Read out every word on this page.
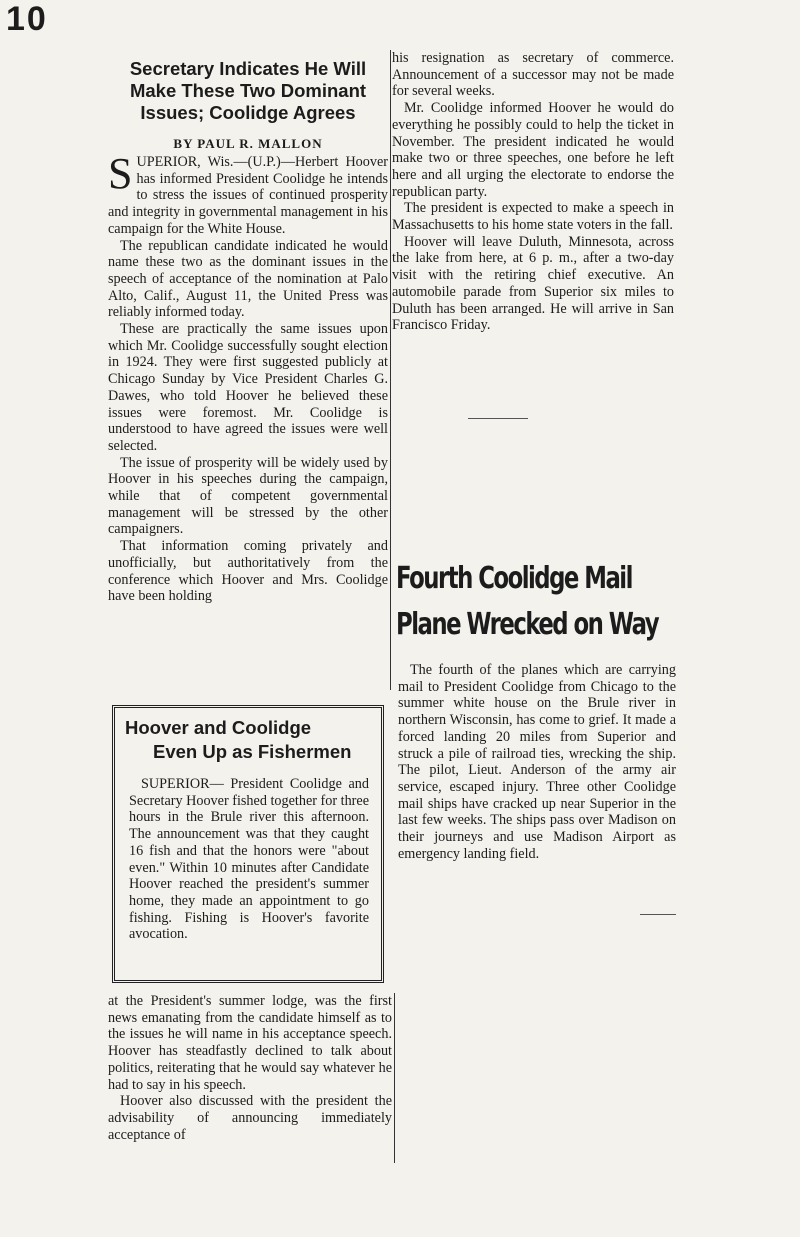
10
Secretary Indicates He Will Make These Two Dominant Issues; Coolidge Agrees
BY PAUL R. MALLON

SUPERIOR, Wis.—(U.P.)—Herbert Hoover has informed President Coolidge he intends to stress the issues of continued prosperity and integrity in governmental management in his campaign for the White House.

The republican candidate indicated he would name these two as the dominant issues in the speech of acceptance of the nomination at Palo Alto, Calif., August 11, the United Press was reliably informed today.

These are practically the same issues upon which Mr. Coolidge successfully sought election in 1924. They were first suggested publicly at Chicago Sunday by Vice President Charles G. Dawes, who told Hoover he believed these issues were foremost. Mr. Coolidge is understood to have agreed the issues were well selected.

The issue of prosperity will be widely used by Hoover in his speeches during the campaign, while that of competent governmental management will be stressed by the other campaigners.

That information coming privately and unofficially, but authoritatively from the conference which Hoover and Mrs. Coolidge have been holding

his resignation as secretary of commerce. Announcement of a successor may not be made for several weeks.

Mr. Coolidge informed Hoover he would do everything he possibly could to help the ticket in November. The president indicated he would make two or three speeches, one before he left here and all urging the electorate to endorse the republican party.

The president is expected to make a speech in Massachusetts to his home state voters in the fall.

Hoover will leave Duluth, Minnesota, across the lake from here, at 6 p. m., after a two-day visit with the retiring chief executive. An automobile parade from Superior six miles to Duluth has been arranged. He will arrive in San Francisco Friday.

Hoover and Coolidge
Even Up as Fishermen

SUPERIOR— President Coolidge and Secretary Hoover fished together for three hours in the Brule river this afternoon. The announcement was that they caught 16 fish and that the honors were "about even." Within 10 minutes after Candidate Hoover reached the president's summer home, they made an appointment to go fishing. Fishing is Hoover's favorite avocation.

at the President's summer lodge, was the first news emanating from the candidate himself as to the issues he will name in his acceptance speech. Hoover has steadfastly declined to talk about politics, reiterating that he would say whatever he had to say in his speech.

Hoover also discussed with the president the advisability of announcing immediately acceptance of

Fourth Coolidge Mail Plane Wrecked on Way

The fourth of the planes which are carrying mail to President Coolidge from Chicago to the summer white house on the Brule river in northern Wisconsin, has come to grief. It made a forced landing 20 miles from Superior and struck a pile of railroad ties, wrecking the ship. The pilot, Lieut. Anderson of the army air service, escaped injury. Three other Coolidge mail ships have cracked up near Superior in the last few weeks. The ships pass over Madison on their journeys and use Madison Airport as emergency landing field.
